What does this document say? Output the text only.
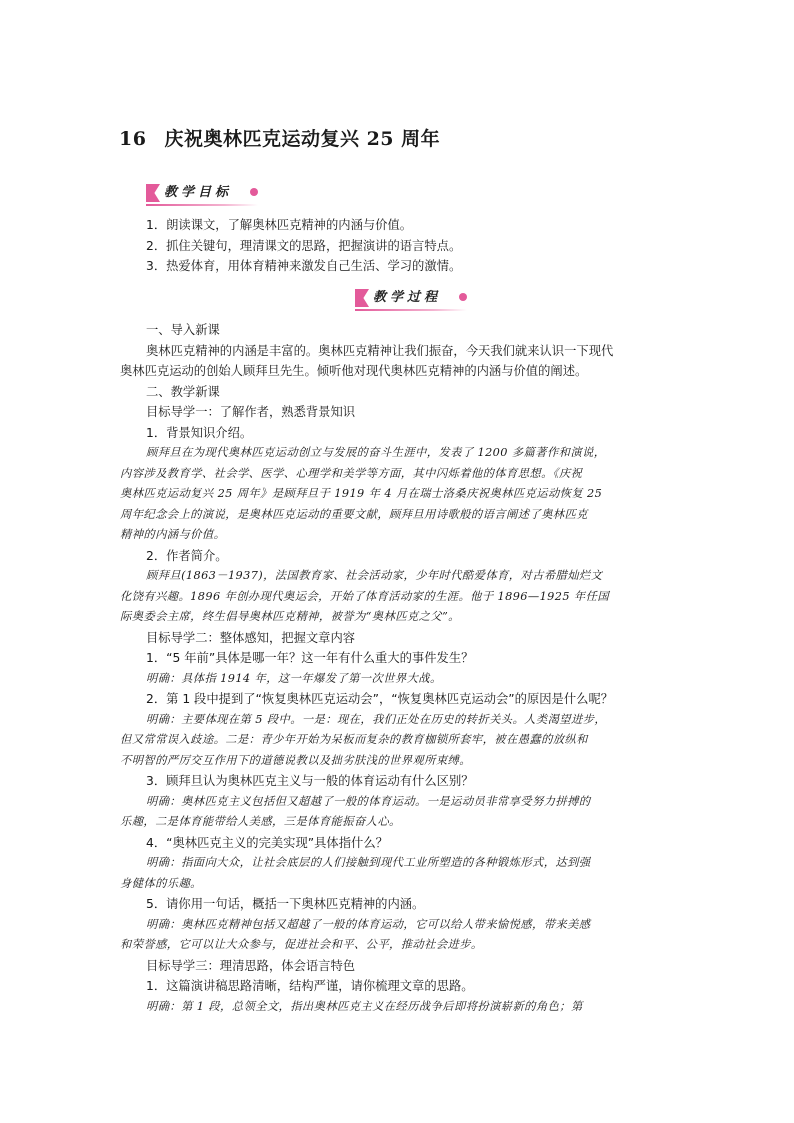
16 庆祝奥林匹克运动复兴 25 周年
教学目标
1．朗读课文，了解奥林匹克精神的内涵与价值。
2．抓住关键句，理清课文的思路，把握演讲的语言特点。
3．热爱体育，用体育精神来激发自己生活、学习的激情。
教学过程
一、导入新课
奥林匹克精神的内涵是丰富的。奥林匹克精神让我们振奋，今天我们就来认识一下现代
奥林匹克运动的创始人顾拜旦先生。倾听他对现代奥林匹克精神的内涵与价值的阐述。
二、教学新课
目标导学一：了解作者，熟悉背景知识
1．背景知识介绍。
顾拜旦在为现代奥林匹克运动创立与发展的奋斗生涯中，发表了 1200 多篇著作和演说，
内容涉及教育学、社会学、医学、心理学和美学等方面，其中闪烁着他的体育思想。《庆祝
奥林匹克运动复兴 25 周年》是顾拜旦于 1919 年 4 月在瑞士洛桑庆祝奥林匹克运动恢复 25
周年纪念会上的演说，是奥林匹克运动的重要文献，顾拜旦用诗歌般的语言阐述了奥林匹克
精神的内涵与价值。
2．作者简介。
顾拜旦(1863－1937)，法国教育家、社会活动家，少年时代酷爱体育，对古希腊灿烂文
化饶有兴趣。1896 年创办现代奥运会，开始了体育活动家的生涯。他于 1896—1925 年任国
际奥委会主席，终生倡导奥林匹克精神，被誉为“奥林匹克之父”。
目标导学二：整体感知，把握文章内容
1．“5 年前”具体是哪一年？这一年有什么重大的事件发生？
明确：具体指 1914 年，这一年爆发了第一次世界大战。
2．第 1 段中提到了“恢复奥林匹克运动会”，“恢复奥林匹克运动会”的原因是什么呢？
明确：主要体现在第 5 段中。一是：现在，我们正处在历史的转折关头。人类渴望进步，
但又常常误入歧途。二是：青少年开始为呆板而复杂的教育枷锁所套牢，被在愚蠢的放纵和
不明智的严厉交互作用下的道德说教以及拙劣肤浅的世界观所束缚。
3．顾拜旦认为奥林匹克主义与一般的体育运动有什么区别？
明确：奥林匹克主义包括但又超越了一般的体育运动。一是运动员非常享受努力拼搏的
乐趣，二是体育能带给人美感，三是体育能振奋人心。
4．“奥林匹克主义的完美实现”具体指什么？
明确：指面向大众，让社会底层的人们接触到现代工业所塑造的各种锻炼形式，达到强
身健体的乐趣。
5．请你用一句话，概括一下奥林匹克精神的内涵。
明确：奥林匹克精神包括又超越了一般的体育运动，它可以给人带来愉悦感，带来美感
和荣誉感，它可以让大众参与，促进社会和平、公平，推动社会进步。
目标导学三：理清思路，体会语言特色
1．这篇演讲稿思路清晰，结构严谨，请你梳理文章的思路。
明确：第 1 段，总领全文，指出奥林匹克主义在经历战争后即将扮演崭新的角色；第
